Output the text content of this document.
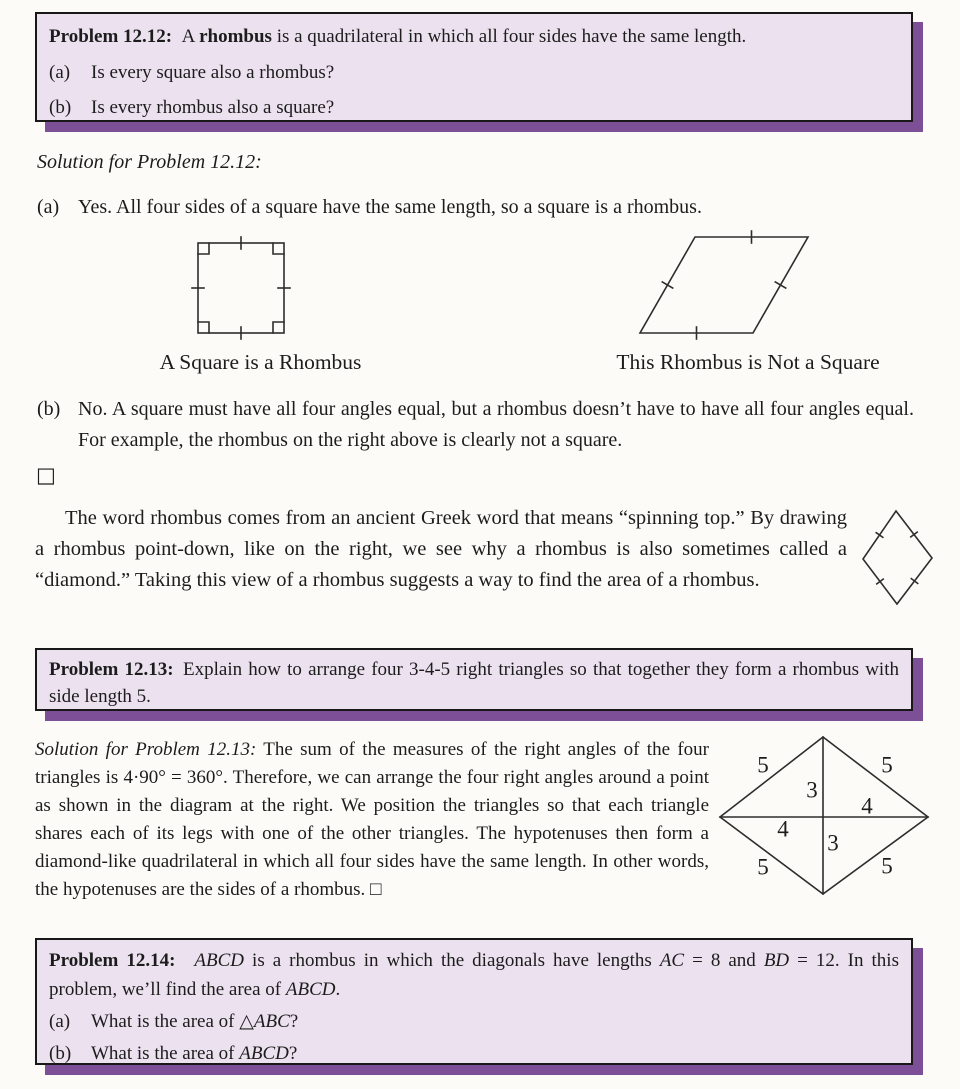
Problem 12.12: A rhombus is a quadrilateral in which all four sides have the same length.

(a)	Is every square also a rhombus?

(b)	Is every rhombus also a square?

Solution for Problem 12.12:

(a) Yes. All four sides of a square have the same length, so a square is a rhombus.

A Square is a Rhombus	This Rhombus is Not a Square

(b) No. A square must have all four angles equal, but a rhombus doesn’t have to have all four angles equal. For example, the rhombus on the right above is clearly not a square.
□

The word rhombus comes from an ancient Greek word that means “spinning top.” By drawing a rhombus point-down, like on the right, we see why a rhombus is also sometimes called a “diamond.” Taking this view of a rhombus suggests a way to find the area of a rhombus.

Problem 12.13: Explain how to arrange four 3-4-5 right triangles so that together they form a rhombus with side length 5.

Solution for Problem 12.13: The sum of the measures of the right angles of the four triangles is 4·90° = 360°. Therefore, we can arrange the four right angles around a point as shown in the diagram at the right. We position the triangles so that each triangle shares each of its legs with one of the other triangles. The hypotenuses then form a diamond-like quadrilateral in which all four sides have the same length. In other words, the hypotenuses are the sides of a rhombus. □

5	5
3
4
4
3
5	5

Problem 12.14:   ABCD is a rhombus in which the diagonals have lengths AC = 8 and BD = 12. In this problem, we’ll find the area of ABCD.

(a)	What is the area of △ABC?

(b)	What is the area of ABCD?
